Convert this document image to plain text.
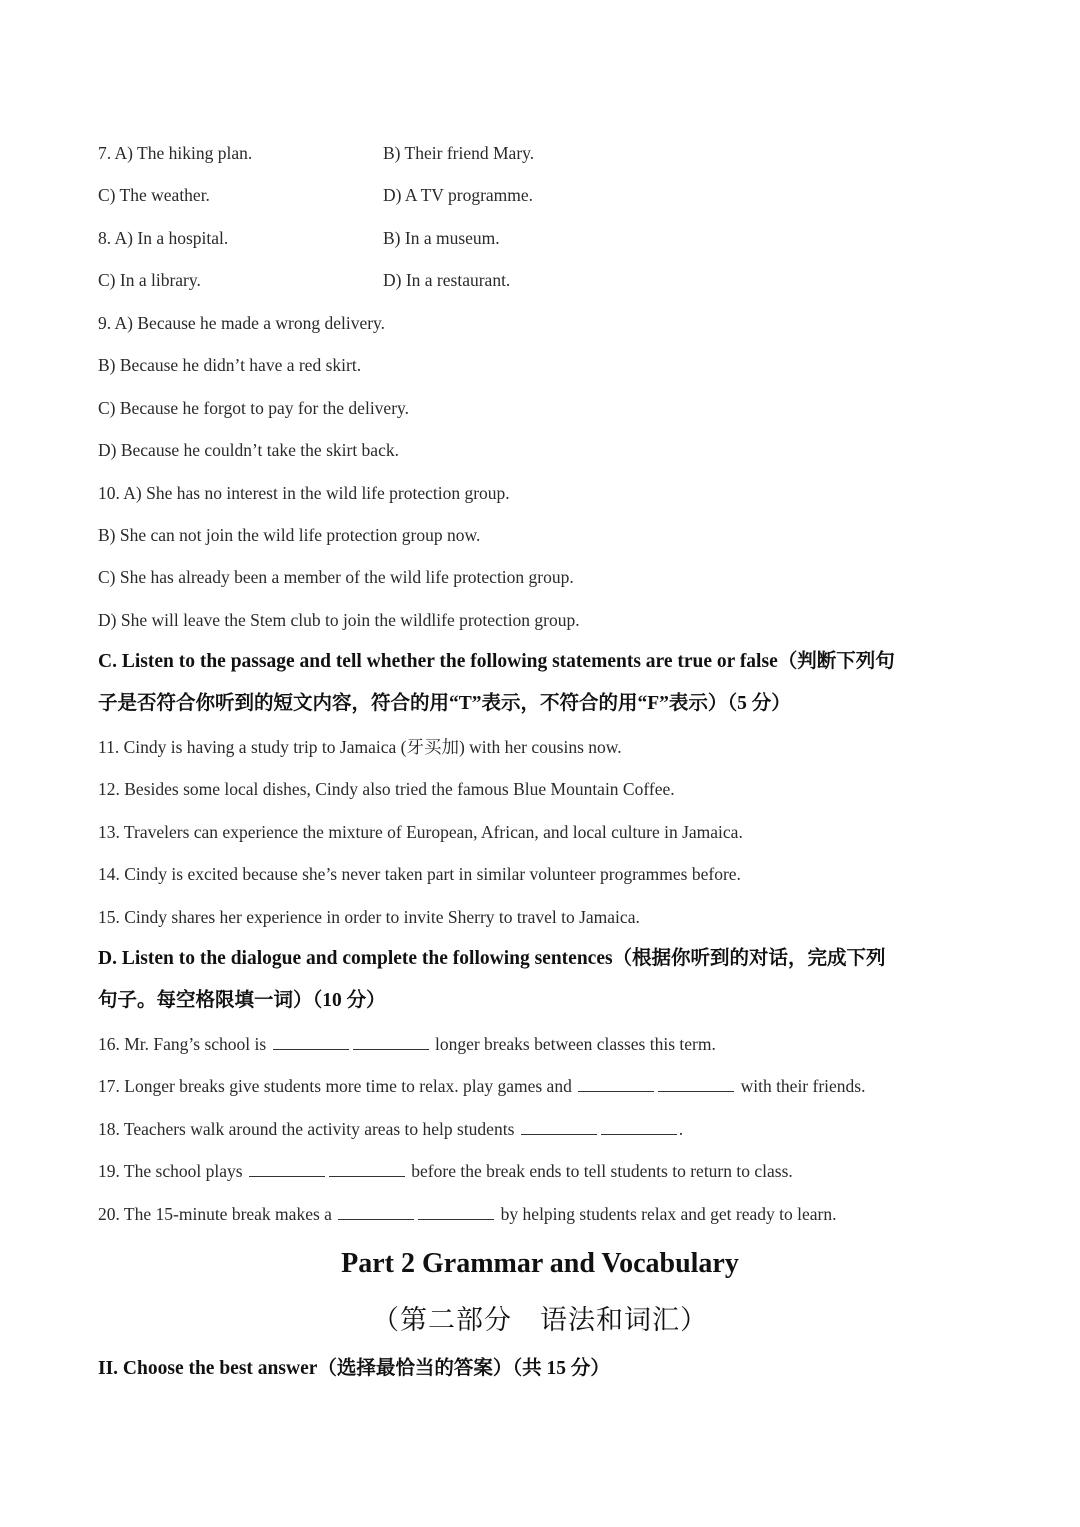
7. A) The hiking plan.	B) Their friend Mary.
C) The weather.	D) A TV programme.
8. A) In a hospital.	B) In a museum.
C) In a library.	D) In a restaurant.
9. A) Because he made a wrong delivery.
B) Because he didn’t have a red skirt.
C) Because he forgot to pay for the delivery.
D) Because he couldn’t take the skirt back.
10. A) She has no interest in the wild life protection group.
B) She can not join the wild life protection group now.
C) She has already been a member of the wild life protection group.
D) She will leave the Stem club to join the wildlife protection group.
C. Listen to the passage and tell whether the following statements are true or false（判断下列句
子是否符合你听到的短文内容，符合的用“T”表示，不符合的用“F”表示）（5 分）
11. Cindy is having a study trip to Jamaica (牙买加) with her cousins now.
12. Besides some local dishes, Cindy also tried the famous Blue Mountain Coffee.
13. Travelers can experience the mixture of European, African, and local culture in Jamaica.
14. Cindy is excited because she’s never taken part in similar volunteer programmes before.
15. Cindy shares her experience in order to invite Sherry to travel to Jamaica.
D. Listen to the dialogue and complete the following sentences（根据你听到的对话，完成下列
句子。每空格限填一词）（10 分）
16. Mr. Fang’s school is	longer breaks between classes this term.
17. Longer breaks give students more time to relax. play games and	with their friends.
18. Teachers walk around the activity areas to help students	.
19. The school plays	before the break ends to tell students to return to class.
20. The 15-minute break makes a	by helping students relax and get ready to learn.
Part 2 Grammar and Vocabulary
（第二部分　语法和词汇）
II. Choose the best answer（选择最恰当的答案）（共 15 分）
